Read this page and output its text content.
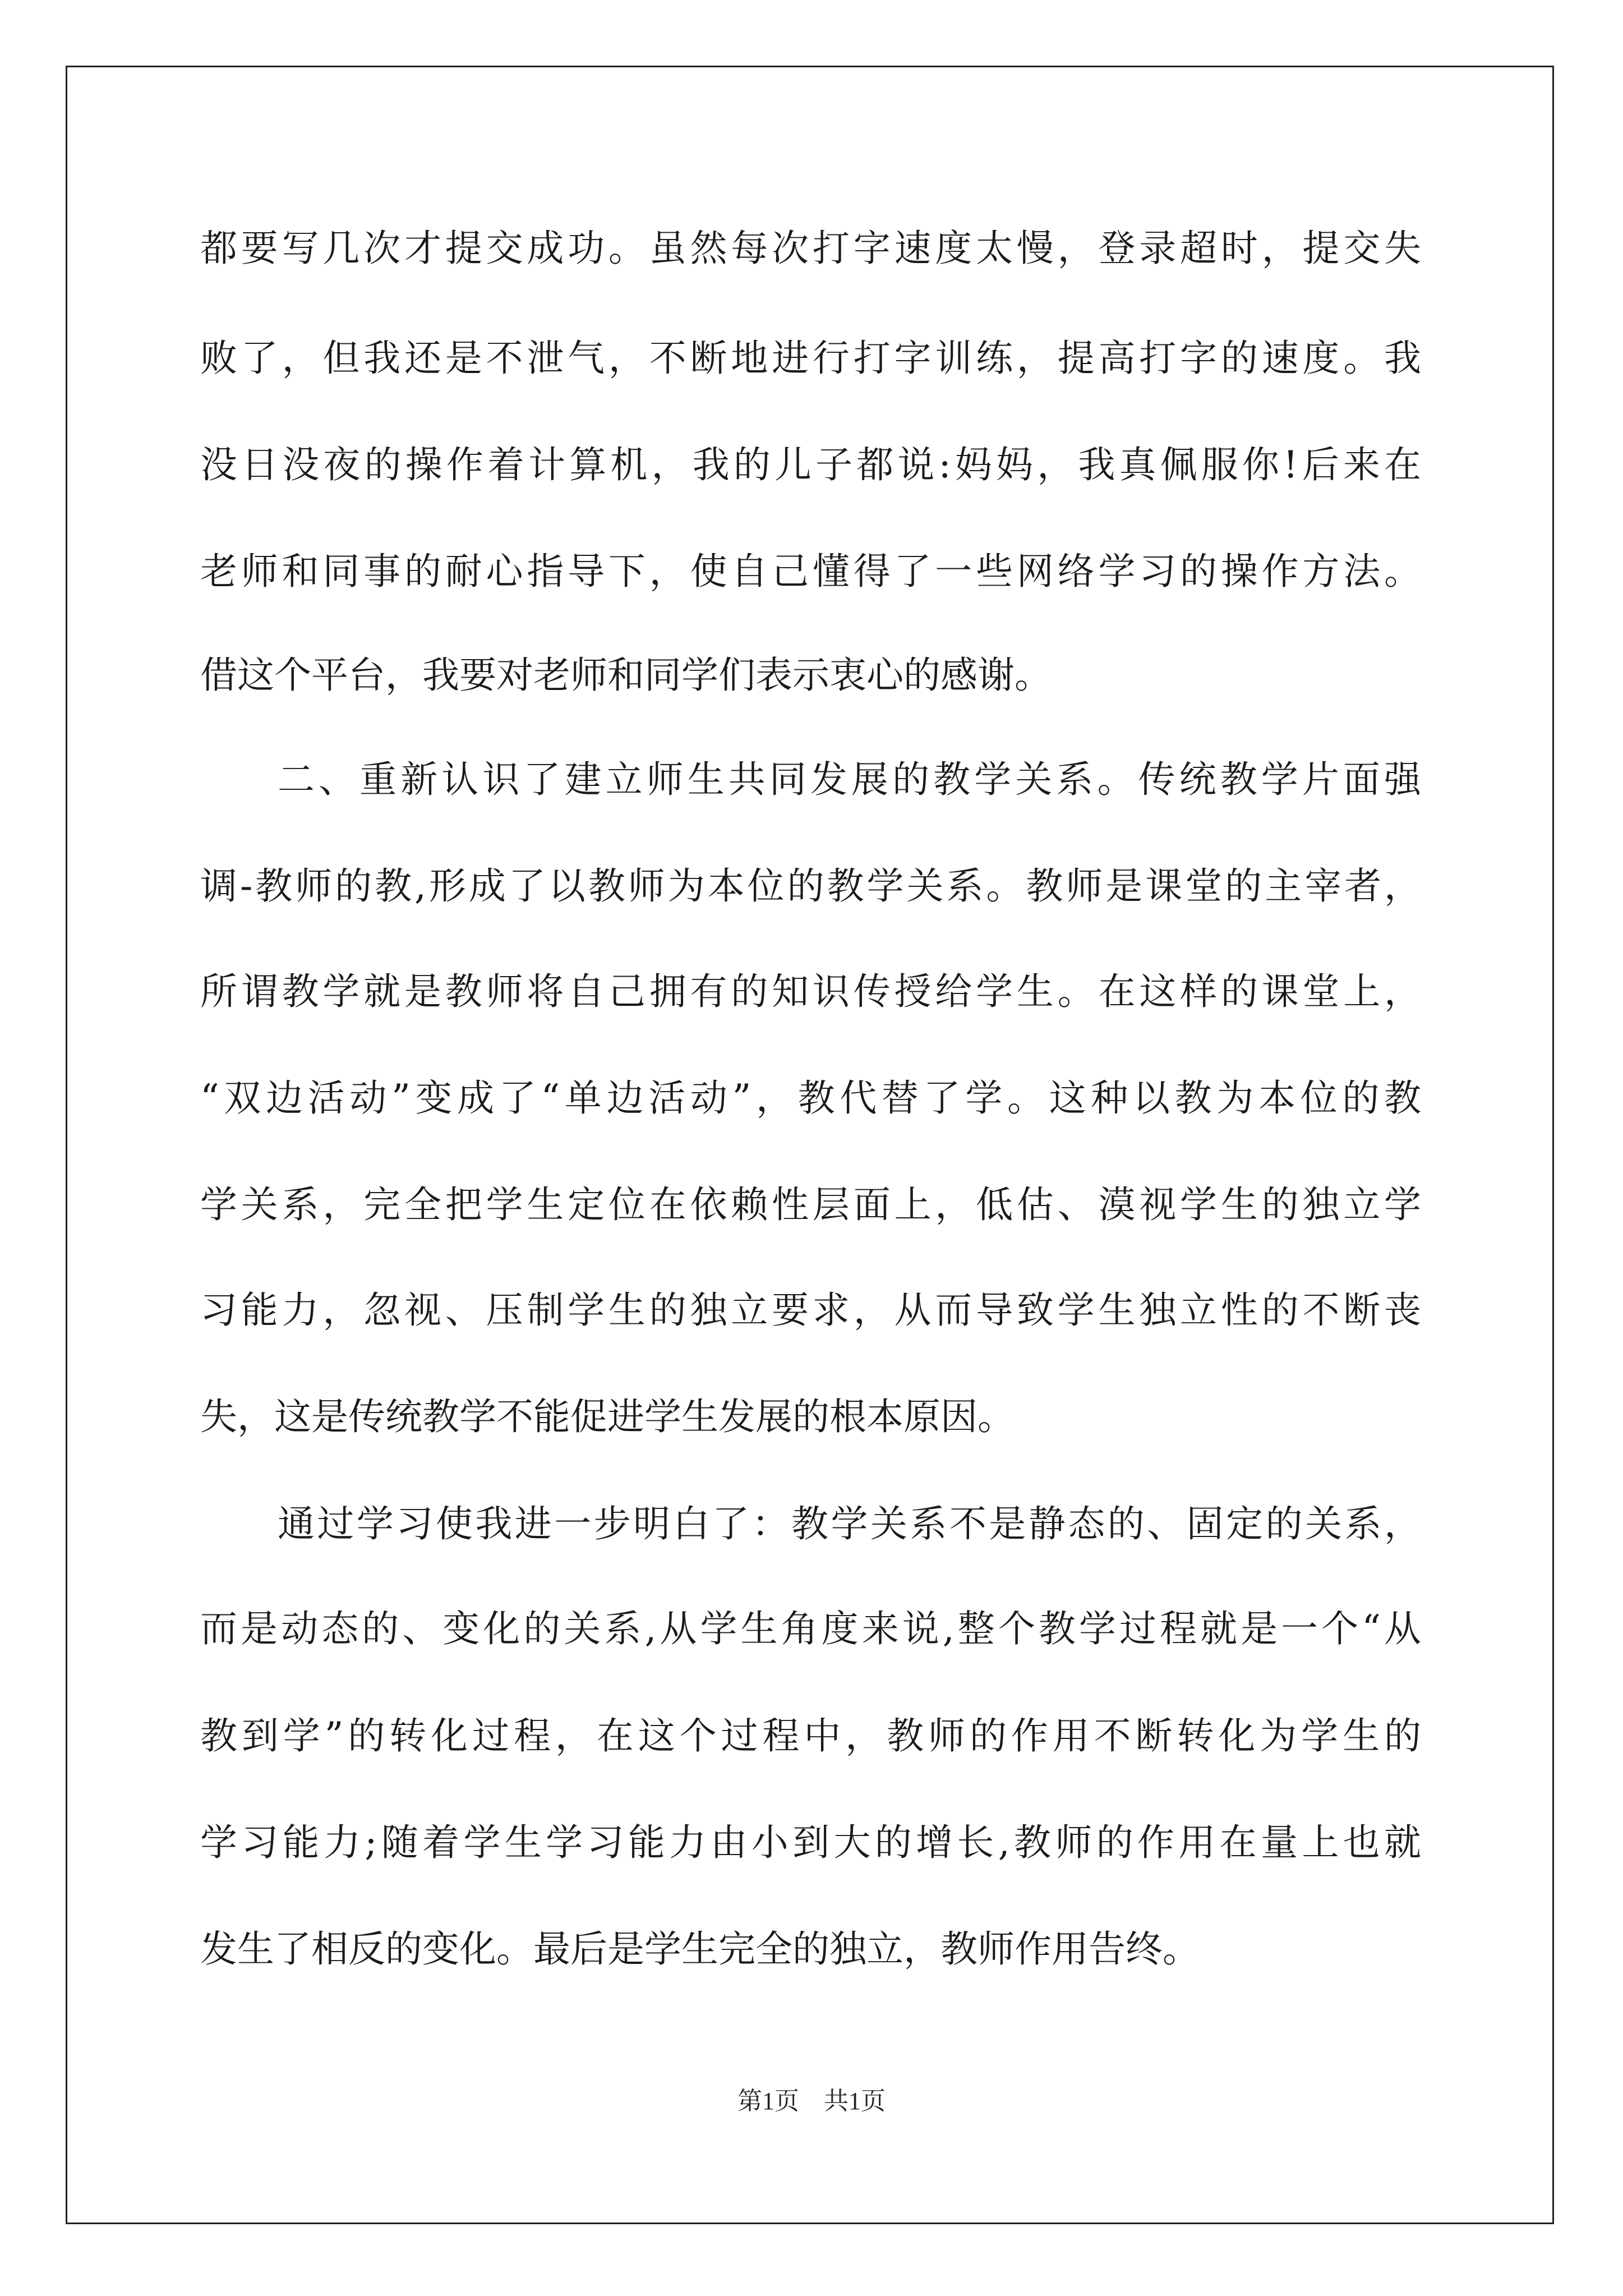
都要写几次才提交成功。虽然每次打字速度太慢，登录超时，提交失
败了，但我还是不泄气，不断地进行打字训练，提高打字的速度。我
没日没夜的操作着计算机，我的儿子都说:妈妈，我真佩服你!后来在
老师和同事的耐心指导下，使自己懂得了一些网络学习的操作方法。
借这个平台，我要对老师和同学们表示衷心的感谢。
二、重新认识了建立师生共同发展的教学关系。传统教学片面强
调-教师的教,形成了以教师为本位的教学关系。教师是课堂的主宰者，
所谓教学就是教师将自己拥有的知识传授给学生。在这样的课堂上，
“双边活动”变成了“单边活动”，教代替了学。这种以教为本位的教
学关系，完全把学生定位在依赖性层面上，低估、漠视学生的独立学
习能力，忽视、压制学生的独立要求，从而导致学生独立性的不断丧
失，这是传统教学不能促进学生发展的根本原因。
通过学习使我进一步明白了：教学关系不是静态的、固定的关系，
而是动态的、变化的关系,从学生角度来说,整个教学过程就是一个“从
教到学”的转化过程，在这个过程中，教师的作用不断转化为学生的
学习能力;随着学生学习能力由小到大的增长,教师的作用在量上也就
发生了相反的变化。最后是学生完全的独立，教师作用告终。
第1页　共1页
